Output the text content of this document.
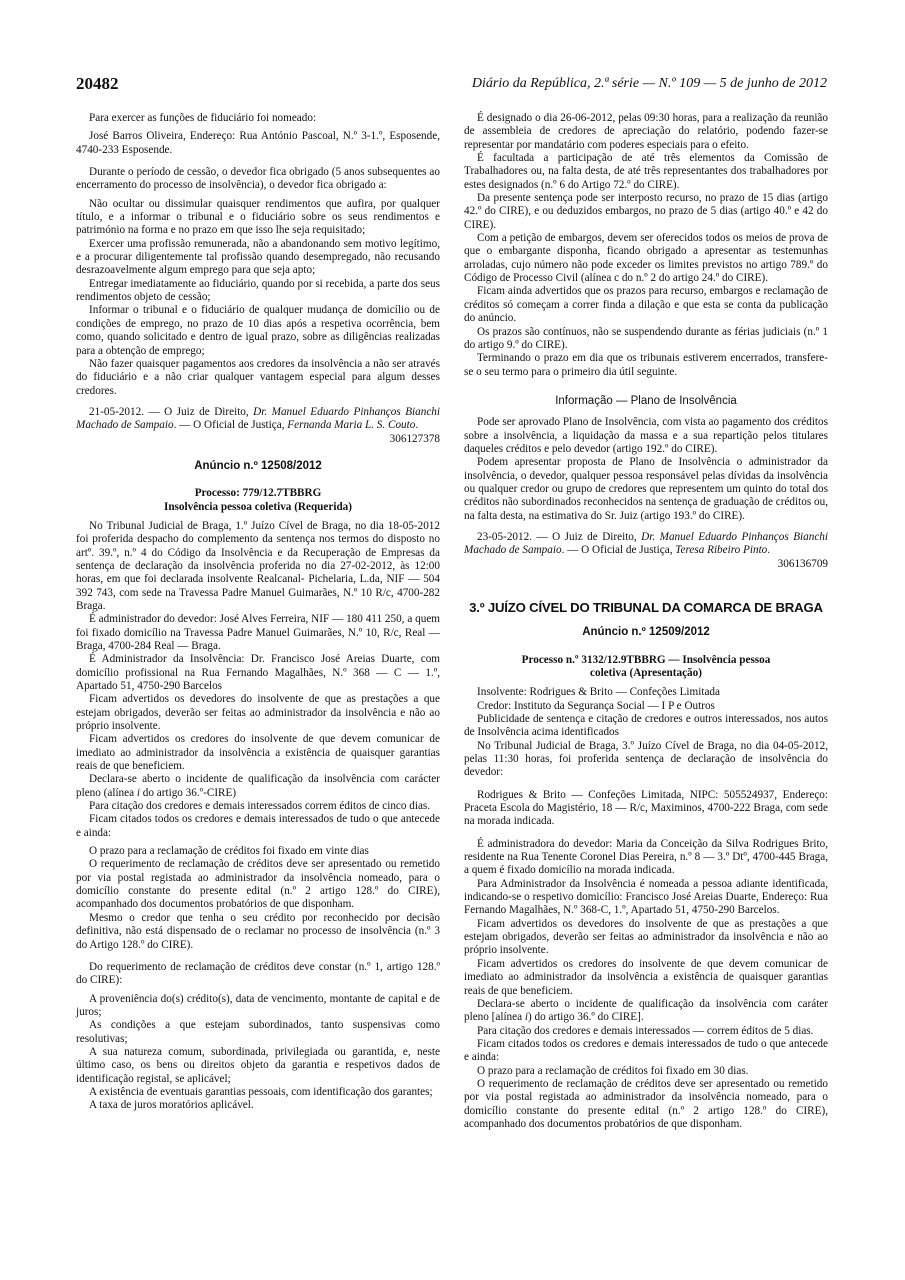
20482	Diário da República, 2.ª série — N.º 109 — 5 de junho de 2012

Para exercer as funções de fiduciário foi nomeado:

José Barros Oliveira, Endereço: Rua António Pascoal, N.º 3-1.º, Esposende, 4740-233 Esposende.

Durante o período de cessão, o devedor fica obrigado (5 anos subsequentes ao encerramento do processo de insolvência), o devedor fica obrigado a:

Não ocultar ou dissimular quaisquer rendimentos que aufira, por qualquer título, e a informar o tribunal e o fiduciário sobre os seus rendimentos e património na forma e no prazo em que isso lhe seja requisitado;

Exercer uma profissão remunerada, não a abandonando sem motivo legítimo, e a procurar diligentemente tal profissão quando desempregado, não recusando desrazoavelmente algum emprego para que seja apto;

Entregar imediatamente ao fiduciário, quando por si recebida, a parte dos seus rendimentos objeto de cessão;

Informar o tribunal e o fiduciário de qualquer mudança de domicílio ou de condições de emprego, no prazo de 10 dias após a respetiva ocorrência, bem como, quando solicitado e dentro de igual prazo, sobre as diligências realizadas para a obtenção de emprego;

Não fazer quaisquer pagamentos aos credores da insolvência a não ser através do fiduciário e a não criar qualquer vantagem especial para algum desses credores.

21-05-2012. — O Juiz de Direito, Dr. Manuel Eduardo Pinhanços Bianchi Machado de Sampaio. — O Oficial de Justiça, Fernanda Maria L. S. Couto.

306127378

Anúncio n.º 12508/2012
Processo: 779/12.7TBBRG
Insolvência pessoa coletiva (Requerida)

No Tribunal Judicial de Braga, 1.º Juízo Cível de Braga, no dia 18-05-2012 foi proferida despacho do complemento da sentença nos termos do disposto no artº. 39.º, n.º 4 do Código da Insolvência e da Recuperação de Empresas da sentença de declaração da insolvência proferida no dia 27-02-2012, às 12:00 horas, em que foi declarada insolvente Realcanal- Pichelaria, L.da, NIF — 504 392 743, com sede na Travessa Padre Manuel Guimarães, N.º 10 R/c, 4700-282 Braga.

É administrador do devedor: José Alves Ferreira, NIF — 180 411 250, a quem foi fixado domicílio na Travessa Padre Manuel Guimarães, N.º 10, R/c, Real — Braga, 4700-284 Real — Braga.

É Administrador da Insolvência: Dr. Francisco José Areias Duarte, com domicílio profissional na Rua Fernando Magalhães, N.º 368 — C — 1.º, Apartado 51, 4750-290 Barcelos

Ficam advertidos os devedores do insolvente de que as prestações a que estejam obrigados, deverão ser feitas ao administrador da insolvência e não ao próprio insolvente.

Ficam advertidos os credores do insolvente de que devem comunicar de imediato ao administrador da insolvência a existência de quaisquer garantias reais de que beneficiem.

Declara-se aberto o incidente de qualificação da insolvência com carácter pleno (alínea i do artigo 36.º-CIRE)

Para citação dos credores e demais interessados correm éditos de cinco dias.

Ficam citados todos os credores e demais interessados de tudo o que antecede e ainda:

O prazo para a reclamação de créditos foi fixado em vinte dias

O requerimento de reclamação de créditos deve ser apresentado ou remetido por via postal registada ao administrador da insolvência nomeado, para o domicílio constante do presente edital (n.º 2 artigo 128.º do CIRE), acompanhado dos documentos probatórios de que disponham.

Mesmo o credor que tenha o seu crédito por reconhecido por decisão definitiva, não está dispensado de o reclamar no processo de insolvência (n.º 3 do Artigo 128.º do CIRE).

Do requerimento de reclamação de créditos deve constar (n.º 1, artigo 128.º do CIRE):

A proveniência do(s) crédito(s), data de vencimento, montante de capital e de juros;

As condições a que estejam subordinados, tanto suspensivas como resolutivas;

A sua natureza comum, subordinada, privilegiada ou garantida, e, neste último caso, os bens ou direitos objeto da garantia e respetivos dados de identificação registal, se aplicável;

A existência de eventuais garantias pessoais, com identificação dos garantes;

A taxa de juros moratórios aplicável.

É designado o dia 26-06-2012, pelas 09:30 horas, para a realização da reunião de assembleia de credores de apreciação do relatório, podendo fazer-se representar por mandatário com poderes especiais para o efeito.

É facultada a participação de até três elementos da Comissão de Trabalhadores ou, na falta desta, de até três representantes dos trabalhadores por estes designados (n.º 6 do Artigo 72.º do CIRE).

Da presente sentença pode ser interposto recurso, no prazo de 15 dias (artigo 42.º do CIRE), e ou deduzidos embargos, no prazo de 5 dias (artigo 40.º e 42 do CIRE).

Com a petição de embargos, devem ser oferecidos todos os meios de prova de que o embargante disponha, ficando obrigado a apresentar as testemunhas arroladas, cujo número não pode exceder os limites previstos no artigo 789.º do Código de Processo Civil (alínea c do n.º 2 do artigo 24.º do CIRE).

Ficam ainda advertidos que os prazos para recurso, embargos e reclamação de créditos só começam a correr finda a dilação e que esta se conta da publicação do anúncio.

Os prazos são contínuos, não se suspendendo durante as férias judiciais (n.º 1 do artigo 9.º do CIRE).

Terminando o prazo em dia que os tribunais estiverem encerrados, transfere-se o seu termo para o primeiro dia útil seguinte.

Informação — Plano de Insolvência

Pode ser aprovado Plano de Insolvência, com vista ao pagamento dos créditos sobre a insolvência, a liquidação da massa e a sua repartição pelos titulares daqueles créditos e pelo devedor (artigo 192.º do CIRE).

Podem apresentar proposta de Plano de Insolvência o administrador da insolvência, o devedor, qualquer pessoa responsável pelas dívidas da insolvência ou qualquer credor ou grupo de credores que representem um quinto do total dos créditos não subordinados reconhecidos na sentença de graduação de créditos ou, na falta desta, na estimativa do Sr. Juiz (artigo 193.º do CIRE).

23-05-2012. — O Juiz de Direito, Dr. Manuel Eduardo Pinhanços Bianchi Machado de Sampaio. — O Oficial de Justiça, Teresa Ribeiro Pinto.

306136709

3.º JUÍZO CÍVEL DO TRIBUNAL DA COMARCA DE BRAGA
Anúncio n.º 12509/2012
Processo n.º 3132/12.9TBBRG — Insolvência pessoa
coletiva (Apresentação)

Insolvente: Rodrigues & Brito — Confeções Limitada

Credor: Instituto da Segurança Social — I P e Outros

Publicidade de sentença e citação de credores e outros interessados, nos autos de Insolvência acima identificados

No Tribunal Judicial de Braga, 3.º Juízo Cível de Braga, no dia 04-05-2012, pelas 11:30 horas, foi proferida sentença de declaração de insolvência do devedor:

Rodrigues & Brito — Confeções Limitada, NIPC: 505524937, Endereço: Praceta Escola do Magistério, 18 — R/c, Maximinos, 4700-222 Braga, com sede na morada indicada.

É administradora do devedor: Maria da Conceição da Silva Rodrigues Brito, residente na Rua Tenente Coronel Dias Pereira, n.º 8 — 3.º Dtº, 4700-445 Braga, a quem é fixado domicílio na morada indicada.

Para Administrador da Insolvência é nomeada a pessoa adiante identificada, indicando-se o respetivo domicílio: Francisco José Areias Duarte, Endereço: Rua Fernando Magalhães, N.º 368-C, 1.º, Apartado 51, 4750-290 Barcelos.

Ficam advertidos os devedores do insolvente de que as prestações a que estejam obrigados, deverão ser feitas ao administrador da insolvência e não ao próprio insolvente.

Ficam advertidos os credores do insolvente de que devem comunicar de imediato ao administrador da insolvência a existência de quaisquer garantias reais de que beneficiem.

Declara-se aberto o incidente de qualificação da insolvência com caráter pleno [alínea i) do artigo 36.º do CIRE].

Para citação dos credores e demais interessados — correm éditos de 5 dias.

Ficam citados todos os credores e demais interessados de tudo o que antecede e ainda:

O prazo para a reclamação de créditos foi fixado em 30 dias.

O requerimento de reclamação de créditos deve ser apresentado ou remetido por via postal registada ao administrador da insolvência nomeado, para o domicílio constante do presente edital (n.º 2 artigo 128.º do CIRE), acompanhado dos documentos probatórios de que disponham.
